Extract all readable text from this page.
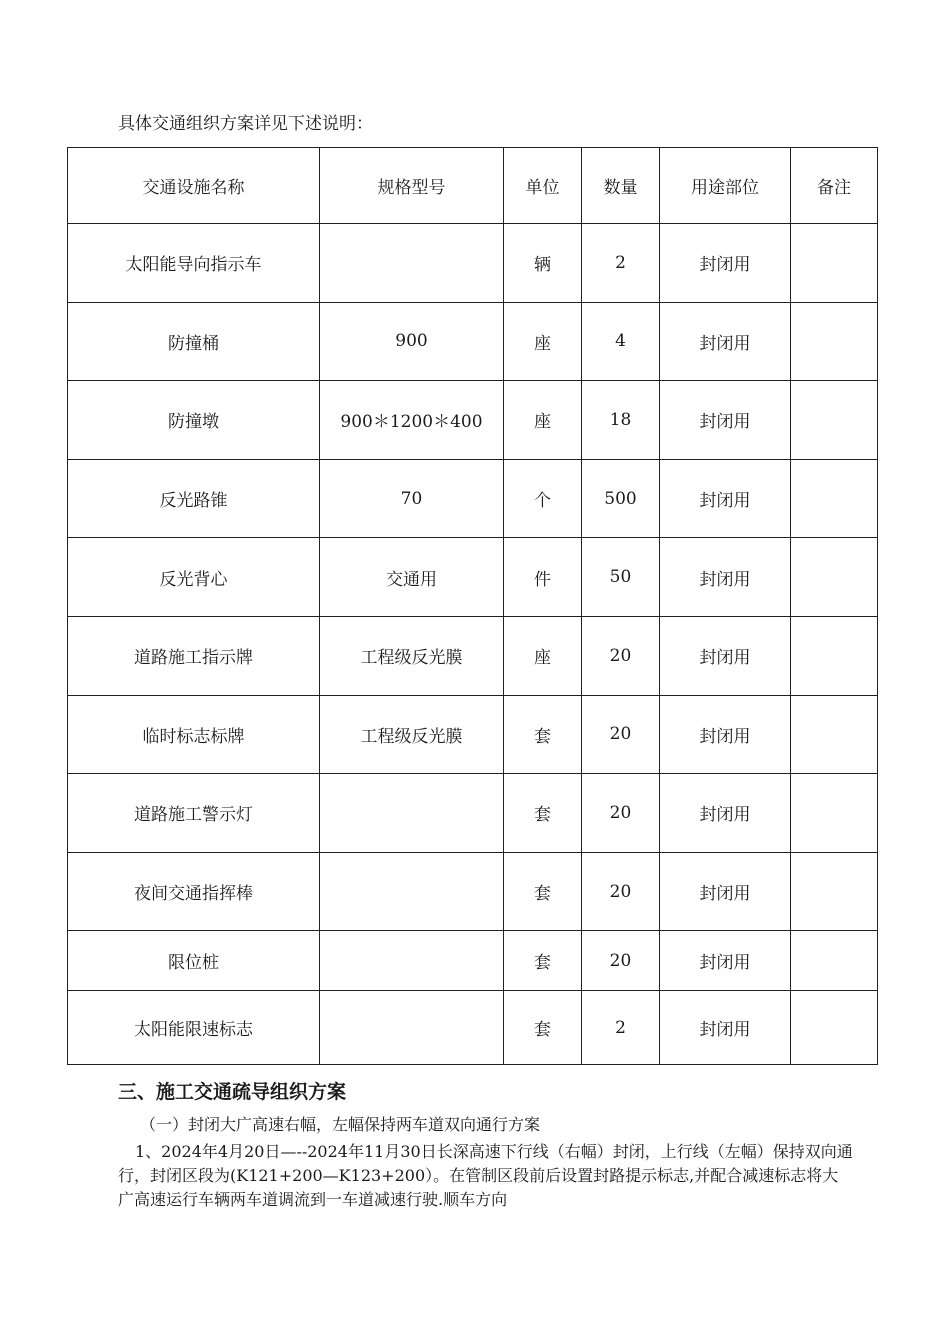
具体交通组织方案详见下述说明：
交通设施名称	规格型号	单位	数量	用途部位	备注
太阳能导向指示车		辆	2	封闭用	
防撞桶	900	座	4	封闭用	
防撞墩	900＊1200＊400	座	18	封闭用	
反光路锥	70	个	500	封闭用	
反光背心	交通用	件	50	封闭用	
道路施工指示牌	工程级反光膜	座	20	封闭用	
临时标志标牌	工程级反光膜	套	20	封闭用	
道路施工警示灯		套	20	封闭用	
夜间交通指挥棒		套	20	封闭用	
限位桩		套	20	封闭用	
太阳能限速标志		套	2	封闭用	
三、施工交通疏导组织方案
（一）封闭大广高速右幅，左幅保持两车道双向通行方案

1、2024年4月20日—--2024年11月30日长深高速下行线（右幅）封闭，上行线（左幅）保持双向通行，封闭区段为(K121+200—K123+200）。在管制区段前后设置封路提示标志,并配合减速标志将大广高速运行车辆两车道调流到一车道减速行驶.顺车方向
